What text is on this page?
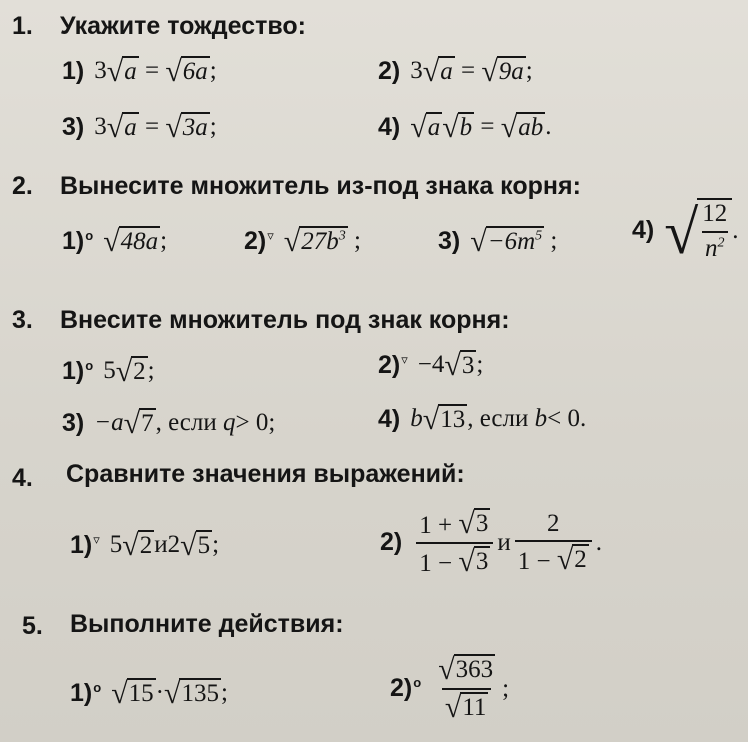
1. Укажите тождество:
1) 3 √ a = √ 6a ;	2) 3 √ a = √ 9a ;
3) 3 √ a = √ 3a ;	4) √ a √ b = √ ab .
2. Вынесите множитель из-под знака корня:
1)$^o$ √ 48a ;	2)▿ √ $27b^3$
;	3) √ $-6m^5$
;	4) √ $\frac{12}{n^2}$ .
3. Внесите множитель под знак корня:
1)$^o$ 5 √ 2 ;	2)▿ −4 √ 3 ;
3) −a √ 7 , если
q > 0;	4) b √ 13 , если
b < 0.
4. Сравните значения выражений:
1)▿ 5 √ 2 и 2 √ 5 ;	$2) \frac{1 + √ 3}{1 - √ 3}$ и $\frac{2}{1 - √ 2}$ .
5. Выполните действия:
1)$^o$ √ 15 · √ 135 ;	$2)^o \frac{√ 363}{√ 11}$ ;
